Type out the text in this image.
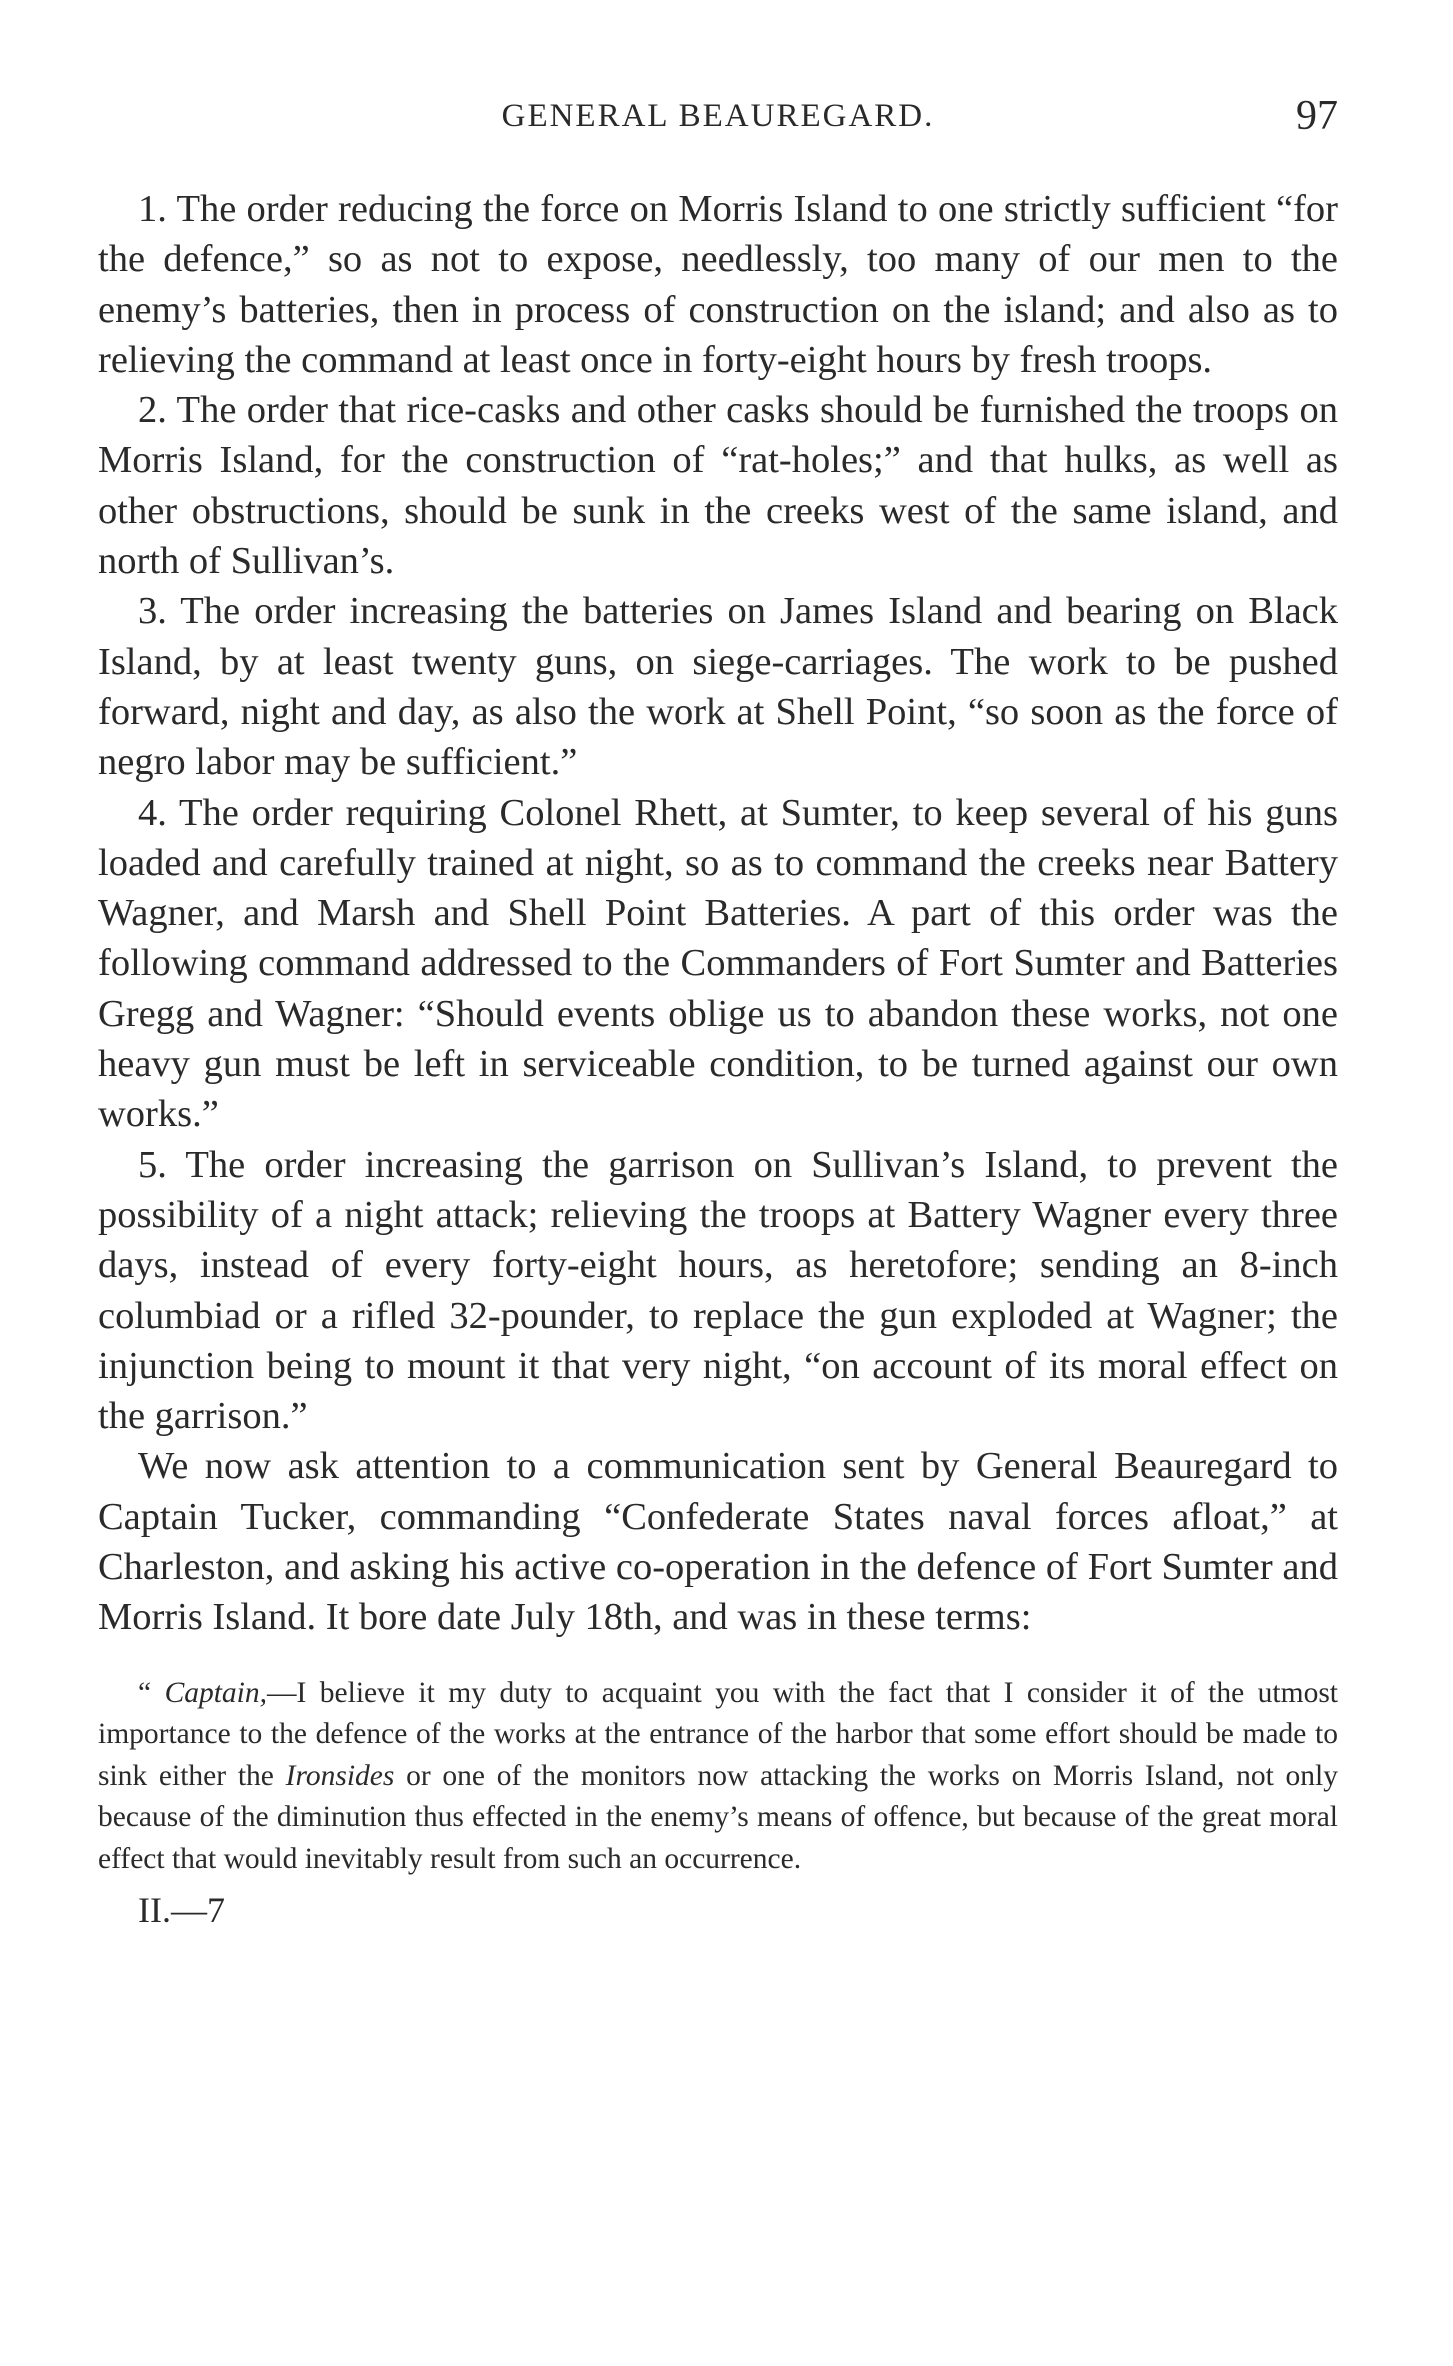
GENERAL BEAUREGARD.	97

1. The order reducing the force on Morris Island to one strictly sufficient “for the defence,” so as not to expose, needlessly, too many of our men to the enemy’s batteries, then in process of construction on the island; and also as to relieving the command at least once in forty-eight hours by fresh troops.

2. The order that rice-casks and other casks should be furnished the troops on Morris Island, for the construction of “rat-holes;” and that hulks, as well as other obstructions, should be sunk in the creeks west of the same island, and north of Sullivan’s.

3. The order increasing the batteries on James Island and bearing on Black Island, by at least twenty guns, on siege-carriages. The work to be pushed forward, night and day, as also the work at Shell Point, “so soon as the force of negro labor may be sufficient.”

4. The order requiring Colonel Rhett, at Sumter, to keep several of his guns loaded and carefully trained at night, so as to command the creeks near Battery Wagner, and Marsh and Shell Point Batteries. A part of this order was the following command addressed to the Commanders of Fort Sumter and Batteries Gregg and Wagner: “Should events oblige us to abandon these works, not one heavy gun must be left in serviceable condition, to be turned against our own works.”

5. The order increasing the garrison on Sullivan’s Island, to prevent the possibility of a night attack; relieving the troops at Battery Wagner every three days, instead of every forty-eight hours, as heretofore; sending an 8-inch columbiad or a rifled 32-pounder, to replace the gun exploded at Wagner; the injunction being to mount it that very night, “on account of its moral effect on the garrison.”

We now ask attention to a communication sent by General Beauregard to Captain Tucker, commanding “Confederate States naval forces afloat,” at Charleston, and asking his active co-operation in the defence of Fort Sumter and Morris Island. It bore date July 18th, and was in these terms:

“ Captain,—I believe it my duty to acquaint you with the fact that I consider it of the utmost importance to the defence of the works at the entrance of the harbor that some effort should be made to sink either the Ironsides or one of the monitors now attacking the works on Morris Island, not only because of the diminution thus effected in the enemy’s means of offence, but because of the great moral effect that would inevitably result from such an occurrence.

II.—7
